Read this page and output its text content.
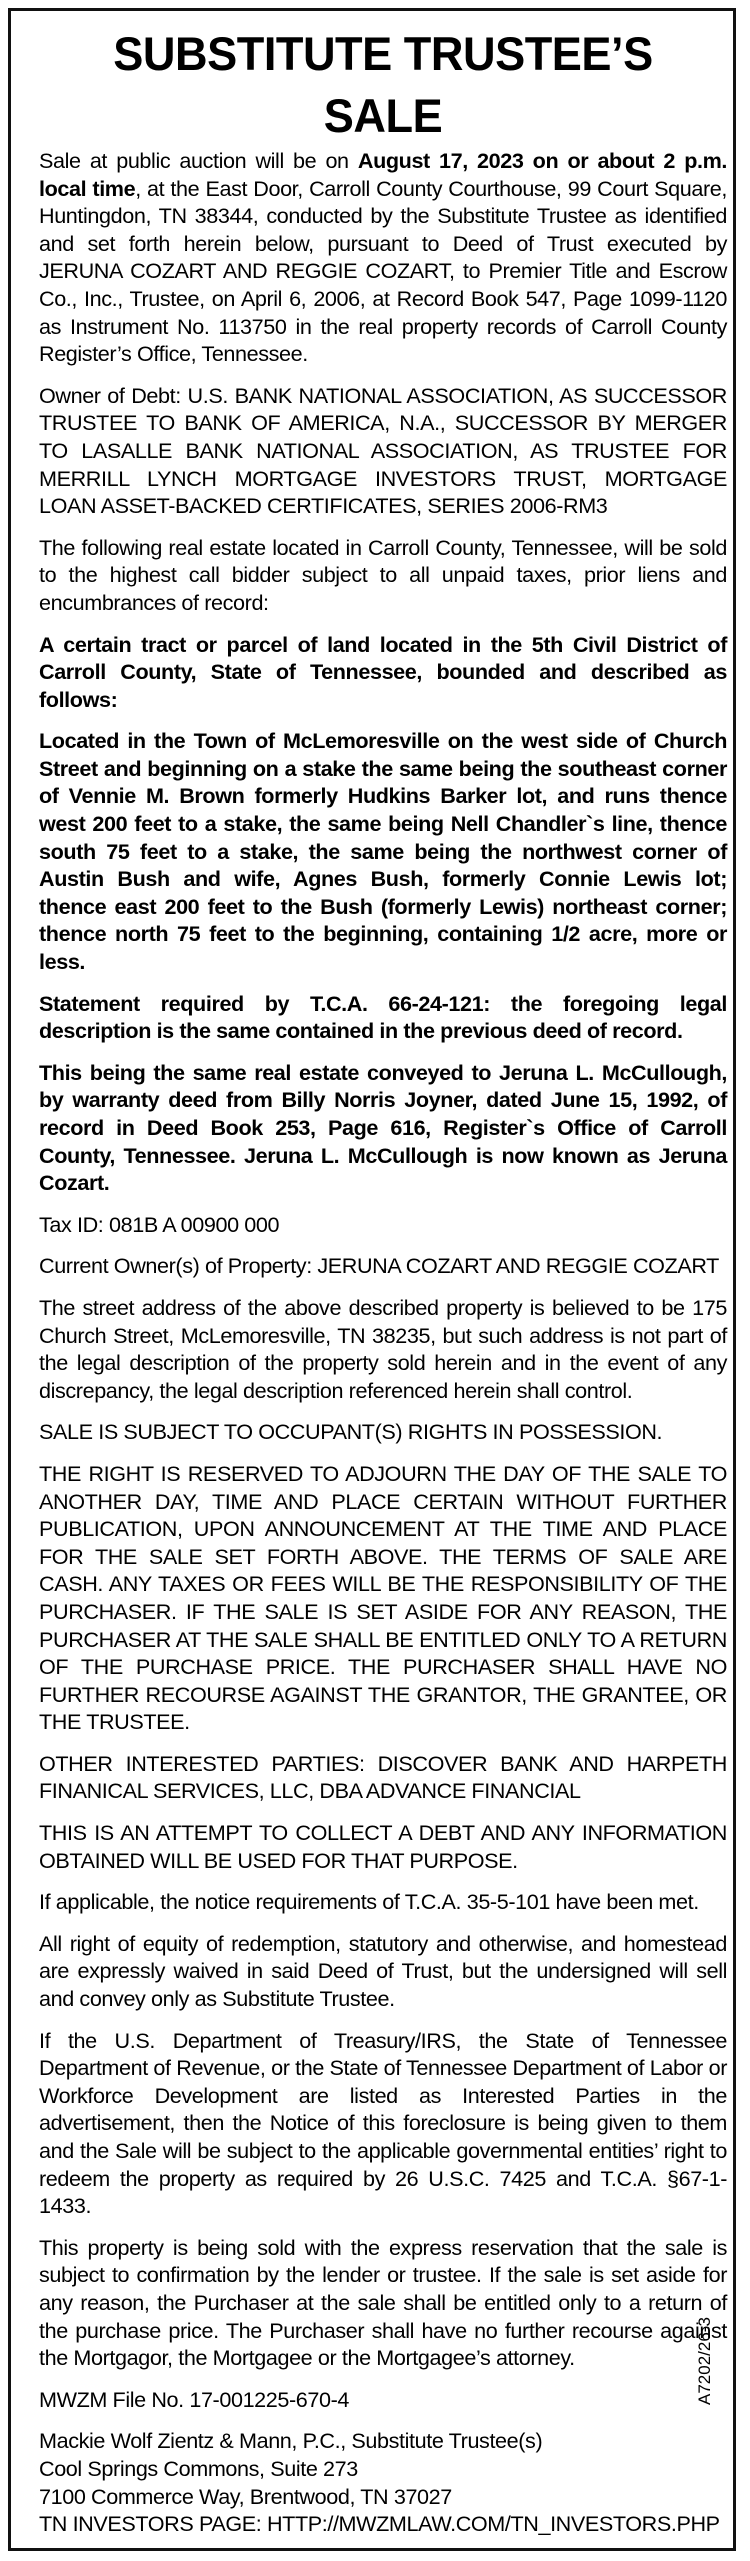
SUBSTITUTE TRUSTEE’S SALE

Sale at public auction will be on August 17, 2023 on or about 2 p.m. local time, at the East Door, Carroll County Courthouse, 99 Court Square, Huntingdon, TN 38344, conducted by the Substitute Trustee as identified and set forth herein below, pursuant to Deed of Trust executed by JERUNA COZART AND REGGIE COZART, to Premier Title and Escrow Co., Inc., Trustee, on April 6, 2006, at Record Book 547, Page 1099-1120 as Instrument No. 113750 in the real property records of Carroll County Register’s Office, Tennessee.

Owner of Debt: U.S. BANK NATIONAL ASSOCIATION, AS SUCCESSOR TRUSTEE TO BANK OF AMERICA, N.A., SUCCESSOR BY MERGER TO LASALLE BANK NATIONAL ASSOCIATION, AS TRUSTEE FOR MERRILL LYNCH MORTGAGE INVESTORS TRUST, MORTGAGE LOAN ASSET-BACKED CERTIFICATES, SERIES 2006-RM3

The following real estate located in Carroll County, Tennessee, will be sold to the highest call bidder subject to all unpaid taxes, prior liens and encumbrances of record:

A certain tract or parcel of land located in the 5th Civil District of Carroll County, State of Tennessee, bounded and described as follows:

Located in the Town of McLemoresville on the west side of Church Street and beginning on a stake the same being the southeast corner of Vennie M. Brown formerly Hudkins Barker lot, and runs thence west 200 feet to a stake, the same being Nell Chandler`s line, thence south 75 feet to a stake, the same being the northwest corner of Austin Bush and wife, Agnes Bush, formerly Connie Lewis lot; thence east 200 feet to the Bush (formerly Lewis) northeast corner; thence north 75 feet to the beginning, containing 1/2 acre, more or less.

Statement required by T.C.A. 66-24-121: the foregoing legal description is the same contained in the previous deed of record.

This being the same real estate conveyed to Jeruna L. McCullough, by warranty deed from Billy Norris Joyner, dated June 15, 1992, of record in Deed Book 253, Page 616, Register`s Office of Carroll County, Tennessee. Jeruna L. McCullough is now known as Jeruna Cozart.

Tax ID: 081B A 00900 000

Current Owner(s) of Property: JERUNA COZART AND REGGIE COZART

The street address of the above described property is believed to be 175 Church Street, McLemoresville, TN 38235, but such address is not part of the legal description of the property sold herein and in the event of any discrepancy, the legal description referenced herein shall control.

SALE IS SUBJECT TO OCCUPANT(S) RIGHTS IN POSSESSION.

THE RIGHT IS RESERVED TO ADJOURN THE DAY OF THE SALE TO ANOTHER DAY, TIME AND PLACE CERTAIN WITHOUT FURTHER PUBLICATION, UPON ANNOUNCEMENT AT THE TIME AND PLACE FOR THE SALE SET FORTH ABOVE. THE TERMS OF SALE ARE CASH. ANY TAXES OR FEES WILL BE THE RESPONSIBILITY OF THE PURCHASER. IF THE SALE IS SET ASIDE FOR ANY REASON, THE PURCHASER AT THE SALE SHALL BE ENTITLED ONLY TO A RETURN OF THE PURCHASE PRICE. THE PURCHASER SHALL HAVE NO FURTHER RECOURSE AGAINST THE GRANTOR, THE GRANTEE, OR THE TRUSTEE.

OTHER INTERESTED PARTIES: DISCOVER BANK AND HARPETH FINANICAL SERVICES, LLC, DBA ADVANCE FINANCIAL

THIS IS AN ATTEMPT TO COLLECT A DEBT AND ANY INFORMATION OBTAINED WILL BE USED FOR THAT PURPOSE.

If applicable, the notice requirements of T.C.A. 35-5-101 have been met.

All right of equity of redemption, statutory and otherwise, and homestead are expressly waived in said Deed of Trust, but the undersigned will sell and convey only as Substitute Trustee.

If the U.S. Department of Treasury/IRS, the State of Tennessee Department of Revenue, or the State of Tennessee Department of Labor or Workforce Development are listed as Interested Parties in the advertisement, then the Notice of this foreclosure is being given to them and the Sale will be subject to the applicable governmental entities’ right to redeem the property as required by 26 U.S.C. 7425 and T.C.A. §67-1-1433.

This property is being sold with the express reservation that the sale is subject to confirmation by the lender or trustee. If the sale is set aside for any reason, the Purchaser at the sale shall be entitled only to a return of the purchase price. The Purchaser shall have no further recourse against the Mortgagor, the Mortgagee or the Mortgagee’s attorney.

MWZM File No. 17-001225-670-4

Mackie Wolf Zientz & Mann, P.C., Substitute Trustee(s)

Cool Springs Commons, Suite 273

7100 Commerce Way, Brentwood, TN 37027

TN INVESTORS PAGE: HTTP://MWZMLAW.COM/TN_INVESTORS.PHP

A7202/26-3
